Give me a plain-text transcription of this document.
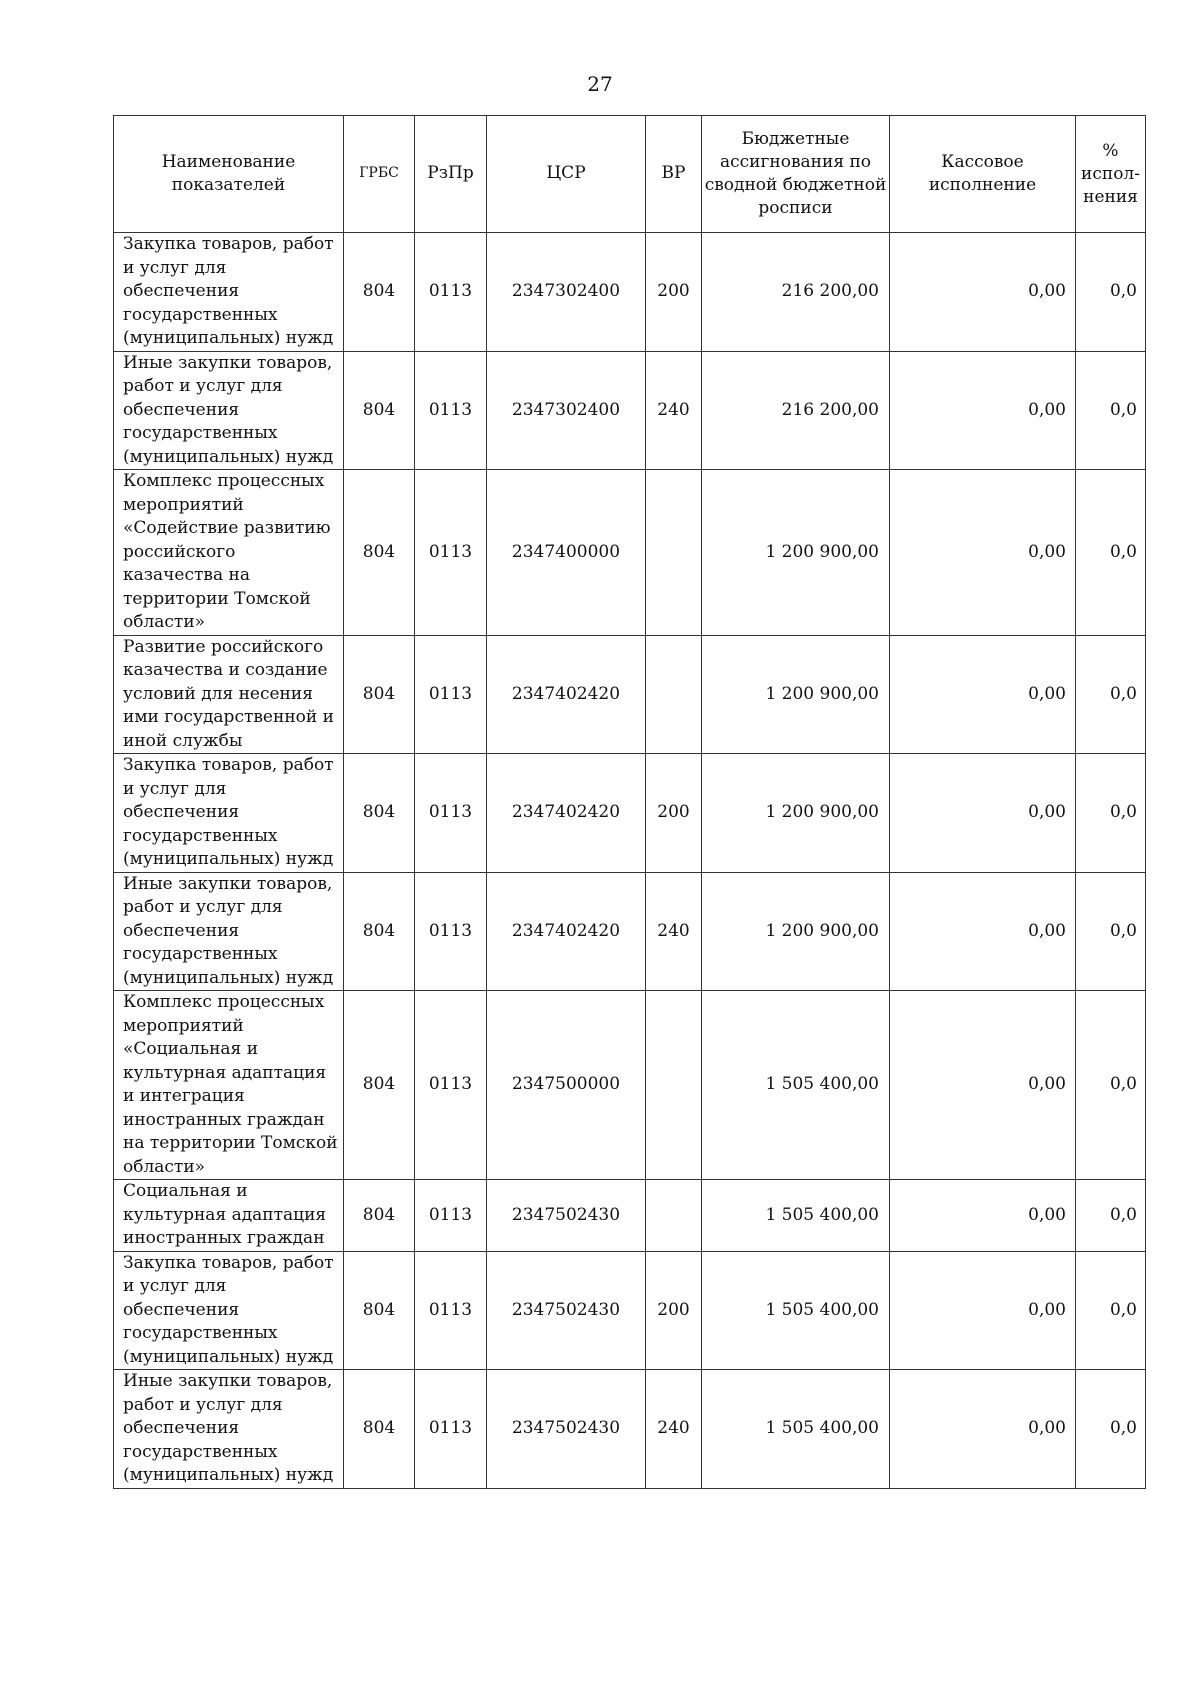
27
Наименование показателей	ГРБС	РзПр	ЦСР	ВР	Бюджетные ассигнования по сводной бюджетной росписи	Кассовое исполнение	%
испол-нения

Закупка товаров, работ и услуг для обеспечения государственных (муниципальных) нужд	804	0113	2347302400	200	216 200,00	0,00	0,0
Иные закупки товаров, работ и услуг для обеспечения государственных (муниципальных) нужд	804	0113	2347302400	240	216 200,00	0,00	0,0
Комплекс процессных мероприятий «Содействие развитию российского казачества на территории Томской области»	804	0113	2347400000		1 200 900,00	0,00	0,0
Развитие российского казачества и создание условий для несения ими государственной и иной службы	804	0113	2347402420		1 200 900,00	0,00	0,0
Закупка товаров, работ и услуг для обеспечения государственных (муниципальных) нужд	804	0113	2347402420	200	1 200 900,00	0,00	0,0
Иные закупки товаров, работ и услуг для обеспечения государственных (муниципальных) нужд	804	0113	2347402420	240	1 200 900,00	0,00	0,0
Комплекс процессных мероприятий «Социальная и культурная адаптация и интеграция иностранных граждан на территории Томской области»	804	0113	2347500000		1 505 400,00	0,00	0,0
Социальная и культурная адаптация иностранных граждан	804	0113	2347502430		1 505 400,00	0,00	0,0
Закупка товаров, работ и услуг для обеспечения государственных (муниципальных) нужд	804	0113	2347502430	200	1 505 400,00	0,00	0,0
Иные закупки товаров, работ и услуг для обеспечения государственных (муниципальных) нужд	804	0113	2347502430	240	1 505 400,00	0,00	0,0
